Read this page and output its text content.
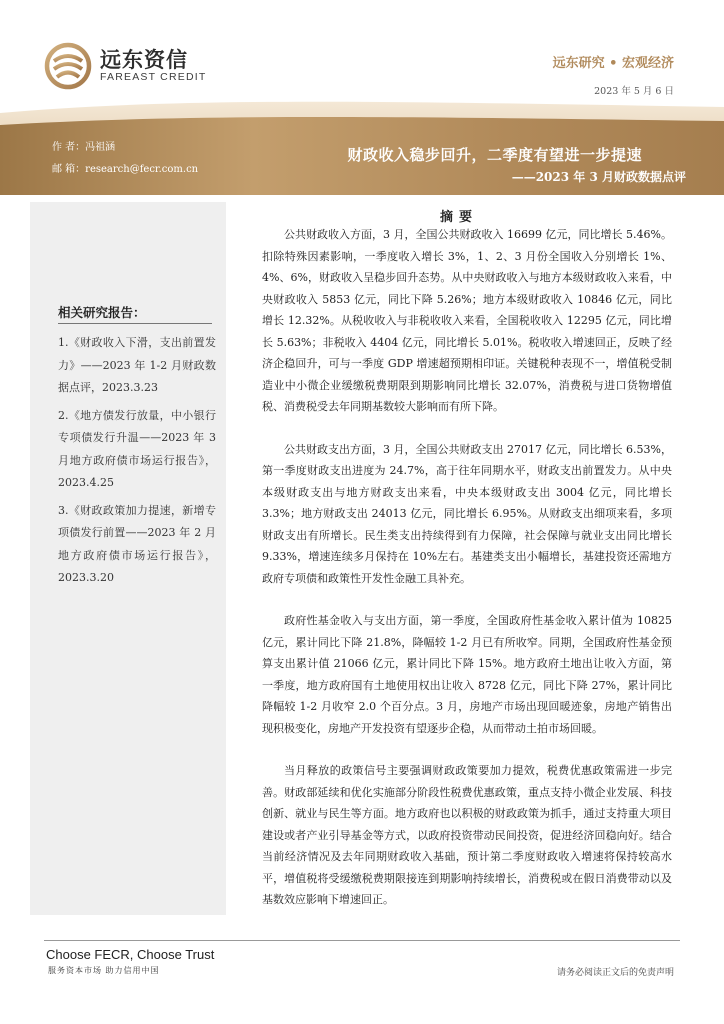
远东资信
FAREAST CREDIT
远东研究 • 宏观经济
2023 年 5 月 6 日
作 者：冯祖涵
邮 箱：research@fecr.com.cn
财政收入稳步回升，二季度有望进一步提速
——2023 年 3 月财政数据点评
相关研究报告：
1.《财政收入下滑，支出前置发力》——2023 年 1-2 月财政数据点评，2023.3.23
2.《地方债发行放量，中小银行专项债发行升温——2023 年 3 月地方政府债市场运行报告》，2023.4.25
3.《财政政策加力提速，新增专项债发行前置——2023 年 2 月地方政府债市场运行报告》，2023.3.20
摘要

公共财政收入方面，3 月，全国公共财政收入 16699 亿元，同比增长 5.46%。扣除特殊因素影响，一季度收入增长 3%，1、2、3 月份全国收入分别增长 1%、4%、6%，财政收入呈稳步回升态势。从中央财政收入与地方本级财政收入来看，中央财政收入 5853 亿元，同比下降 5.26%；地方本级财政收入 10846 亿元，同比增长 12.32%。从税收收入与非税收收入来看，全国税收收入 12295 亿元，同比增长 5.63%；非税收入 4404 亿元，同比增长 5.01%。税收收入增速回正，反映了经济企稳回升，可与一季度 GDP 增速超预期相印证。关键税种表现不一，增值税受制造业中小微企业缓缴税费期限到期影响同比增长 32.07%，消费税与进口货物增值税、消费税受去年同期基数较大影响而有所下降。

公共财政支出方面，3 月，全国公共财政支出 27017 亿元，同比增长 6.53%，第一季度财政支出进度为 24.7%，高于往年同期水平，财政支出前置发力。从中央本级财政支出与地方财政支出来看，中央本级财政支出 3004 亿元，同比增长 3.3%；地方财政支出 24013 亿元，同比增长 6.95%。从财政支出细项来看，多项财政支出有所增长。民生类支出持续得到有力保障，社会保障与就业支出同比增长 9.33%，增速连续多月保持在 10%左右。基建类支出小幅增长，基建投资还需地方政府专项债和政策性开发性金融工具补充。

政府性基金收入与支出方面，第一季度，全国政府性基金收入累计值为 10825 亿元，累计同比下降 21.8%，降幅较 1-2 月已有所收窄。同期，全国政府性基金预算支出累计值 21066 亿元，累计同比下降 15%。地方政府土地出让收入方面，第一季度，地方政府国有土地使用权出让收入 8728 亿元，同比下降 27%，累计同比降幅较 1-2 月收窄 2.0 个百分点。3 月，房地产市场出现回暖迹象，房地产销售出现积极变化，房地产开发投资有望逐步企稳，从而带动土拍市场回暖。

当月释放的政策信号主要强调财政政策要加力提效，税费优惠政策需进一步完善。财政部延续和优化实施部分阶段性税费优惠政策，重点支持小微企业发展、科技创新、就业与民生等方面。地方政府也以积极的财政政策为抓手，通过支持重大项目建设或者产业引导基金等方式，以政府投资带动民间投资，促进经济回稳向好。结合当前经济情况及去年同期财政收入基础，预计第二季度财政收入增速将保持较高水平，增值税将受缓缴税费期限接连到期影响持续增长，消费税或在假日消费带动以及基数效应影响下增速回正。

Choose FECR, Choose Trust
服务资本市场 助力信用中国	请务必阅读正文后的免责声明
